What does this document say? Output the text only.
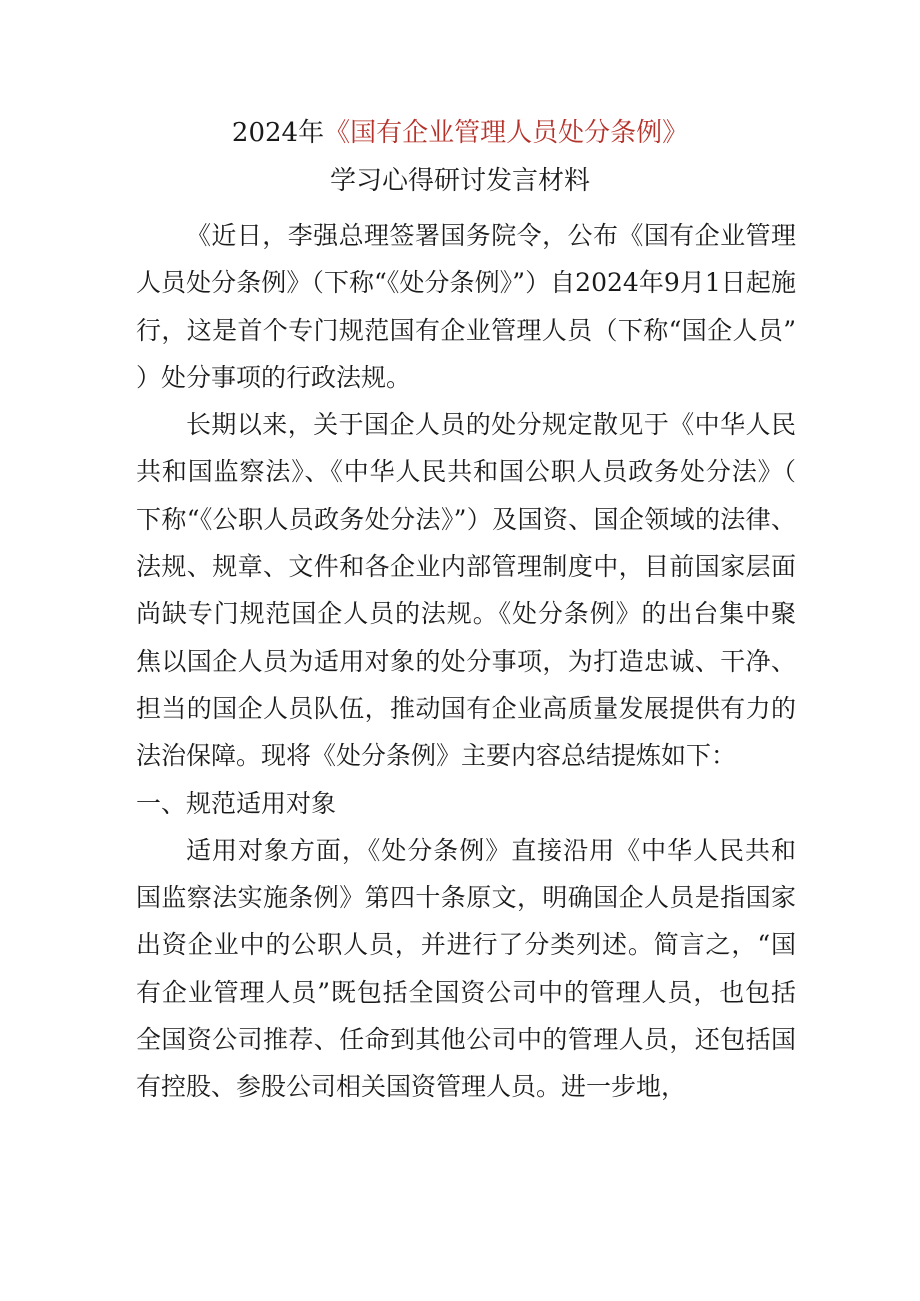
2024年《国有企业管理人员处分条例》
学习心得研讨发言材料

《近日，李强总理签署国务院令，公布《国有企业管理人员处分条例》（下称“《处分条例》”）自2024年9月1日起施行，这是首个专门规范国有企业管理人员（下称“国企人员”）处分事项的行政法规。

长期以来，关于国企人员的处分规定散见于《中华人民共和国监察法》、《中华人民共和国公职人员政务处分法》（下称“《公职人员政务处分法》”）及国资、国企领域的法律、法规、规章、文件和各企业内部管理制度中，目前国家层面尚缺专门规范国企人员的法规。《处分条例》的出台集中聚焦以国企人员为适用对象的处分事项，为打造忠诚、干净、担当的国企人员队伍，推动国有企业高质量发展提供有力的法治保障。现将《处分条例》主要内容总结提炼如下：

一、规范适用对象

适用对象方面，《处分条例》直接沿用《中华人民共和国监察法实施条例》第四十条原文，明确国企人员是指国家出资企业中的公职人员，并进行了分类列述。简言之，“国有企业管理人员”既包括全国资公司中的管理人员，也包括全国资公司推荐、任命到其他公司中的管理人员，还包括国有控股、参股公司相关国资管理人员。进一步地，
